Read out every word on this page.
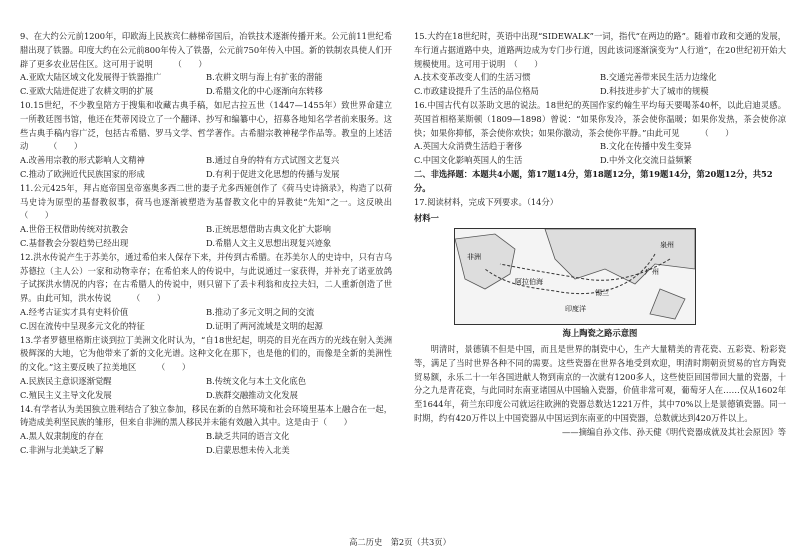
9、在大约公元前1200年，印欧海上民族宾仁赫梯帝国后，冶铁技术逐渐传播开来。公元前11世纪希腊出现了铁器。印度大约在公元前800年传入了铁器，公元前750年传入中国。新的铁制农具使人们开辟了更多农业居住区。这可用于说明　　　（　　）

A.亚欧大陆区域文化发展得于铁器推广	B.农耕文明与海上有扩张的潜能
C.亚欧大陆进促进了农耕文明的扩展	D.希腊文化的中心逐渐向东转移

10.15世纪，不少教皇陪方于搜集和收藏古典手稿，如尼古拉五世（1447—1455年）致世界命建立一所教廷图书馆，他还在梵蒂冈设立了一个翻译、抄写和编纂中心，招募各地知名学者前来服务。这些古典手稿内容广泛，包括古希腊、罗马文学、哲学著作。古希腊宗教神秘学作品等。教皇的上述活动　　　（　　）

A.改善用宗教的形式影响人文精神	B.通过自身的特有方式试图文艺复兴
C.推动了欧洲近代民族国家的形成	D.有利于促进文化思想的传播与发展

11.公元425年，拜占庭帝国皇帝塞奥多西二世的妻子尤多西娅创作了《荷马史诗摘录》，构造了以荷马史诗为原型的基督教叙事，荷马也逐渐被塑造为基督教文化中的异教徒“先知”之一。这反映出　　　（　　）

A.世俗王权借助传统对抗教会	B.正统思想借助古典文化扩大影响
C.基督教会分裂趋势已经出现	D.希腊人文主义思想出现复兴迹象

12.洪水传说产生于苏美尔，通过希伯来人保存下来，并传到古希腊。在苏美尔人的史诗中，只有吉乌苏德拉（主人公）一家和动物幸存；在希伯来人的传说中，与此说通过一家获得，并补充了诺亚放鸽子试探洪水情况的内容；在古希腊人的传说中，则只留下了丢卡利翁和皮拉夫妇，二人重新创造了世界。由此可知，洪水传说　　　（　　）

A.经考古证实才具有史料价值	B.推动了多元文明之间的交流
C.因在流传中呈现多元文化的特征	D.证明了两河流域是文明的起源

13.学者罗德里格斯庄谈到拉丁美洲文化时认为，“自18世纪起，明亮的目光在西方的光线在射入美洲极辉深的大地，它为他带来了新的文化光谱。这种文化在那下，也是他的们的，而像是全新的美洲性的文化。”这主要反映了拉美地区　　　（　　）

A.民族民主意识逐渐觉醒	B.传统文化与本土文化底色
C.殖民主义主导文化发展	D.族群交融推动文化发展

14.有学者认为美国独立胜利结合了独立参加，移民在新的自然环境和社会环境里基本上融合在一起，铸造成美利坚民族的雏形，但来自非洲的黑人移民并未能有效融入其中。这是由于（　　）

A.黑人奴隶制度的存在	B.缺乏共同的语言文化
C.非洲与北美缺乏了解	D.启蒙思想未传入北美

15.大约在18世纪时，英语中出现“SIDEWALK”一词，指代“在两边的路”。随着市政和交通的发展，车行道占据道路中央，道路两边成为专门步行道，因此该词逐渐演变为“人行道”，在20世纪初开始大规模使用。这可用于说明　（　　）

A.技术变革改变人们的生活习惯	B.交通完善带来民生活力边缘化
C.市政建设提升了生活的品位格局	D.科技进步扩大了城市的规模

16.中国古代有以茶助文思的说法。18世纪的英国作家约翰生平均每天要喝茶40杯，以此启迪灵感。英国首相格莱斯顿（1809—1898）曾说：“如果你发冷，茶会使你温暖；如果你发热，茶会使你凉快；如果你抑郁，茶会使你欢快；如果你激动，茶会使你平静。”由此可见　　　（　　）

A.英国大众消费生活趋于奢侈	B.文化在传播中发生变异
C.中国文化影响英国人的生活	D.中外文化交流日益频繁

二、非选择题：本题共4小题，第17题14分，第18题12分，第19题14分，第20题12分，共52分。

17.阅读材料，完成下列要求。（14分）

材料一

泉州
广州
阿拉伯海
印度洋
非洲
锡兰

海上陶瓷之路示意图

明清时，景德镇不但是中国，而且是世界的制瓷中心，生产大量精美的青花瓷、五彩瓷、粉彩瓷等，满足了当时世界各种不同的需要。这些瓷器在世界各地受到欢迎，明清时期朝贡贸易的官方陶瓷贸易额，永乐二十一年各国进献人物到南京的一次就有1200多人，这些使臣回国带回大量的瓷器，十分之九是青花瓷，与此同时东南亚诸国从中国输入瓷器，价值非常可观，葡萄牙人在……仅从1602年至1644年，荷兰东印度公司就运往欧洲的瓷器总数达1221万件，其中70%以上是景德镇瓷器。同一时期，约有420万件以上中国瓷器从中国运到东南亚的中国瓷器，总数就达到420万件以上。

——摘编自孙文伟、孙天健《明代瓷器成就及其社会原因》等

高二历史　第2页（共3页）
